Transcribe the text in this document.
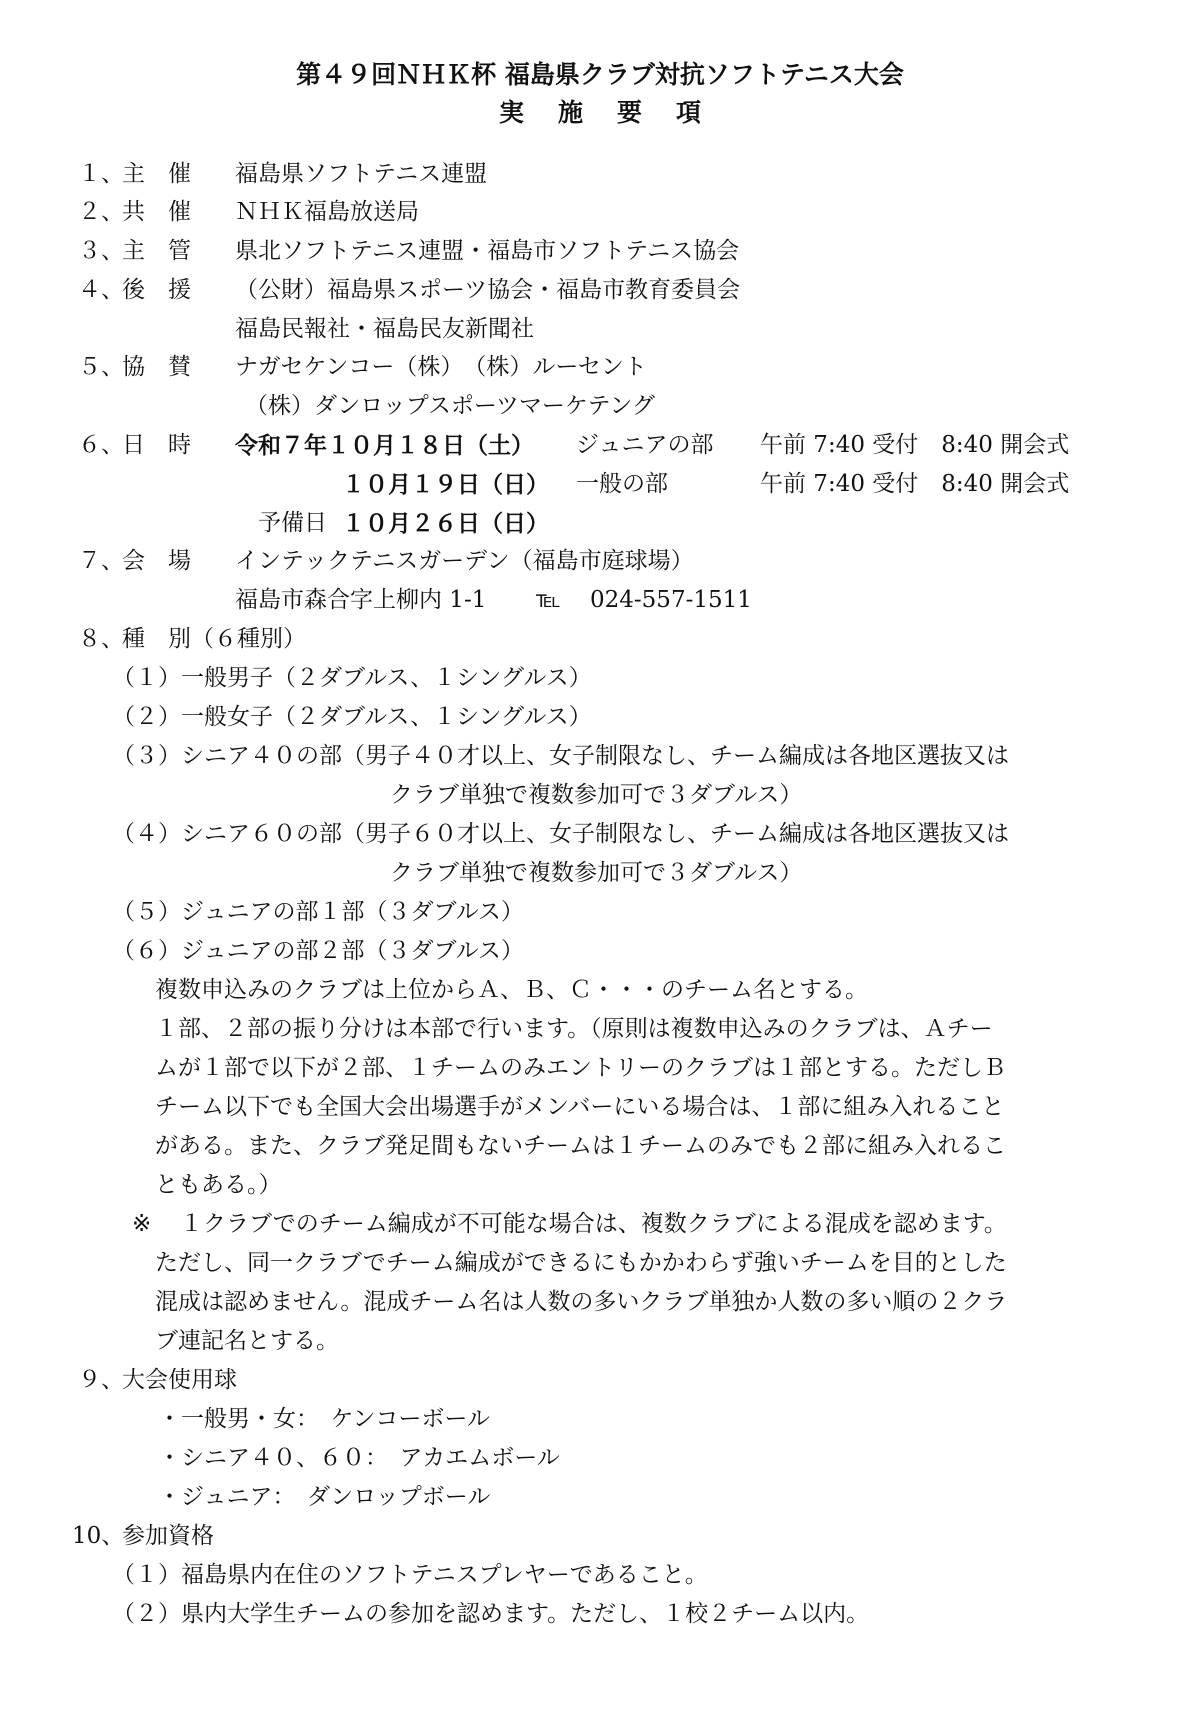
第４９回ＮＨＫ杯 福島県クラブ対抗ソフトテニス大会
実施要項
１、
主　催 福島県ソフトテニス連盟
２、
共　催 ＮＨＫ福島放送局
３、
主　管 県北ソフトテニス連盟・福島市ソフトテニス協会
４、
後　援 （公財）福島県スポーツ協会・福島市教育委員会
福島民報社・福島民友新聞社
５、
協　賛 ナガセケンコー（株）　（株）ルーセント
（株）ダンロップスポーツマーケテング
６、
日　時 令和７年１０月１８日（土） ジュニアの部 午前 7:40 受付　8:40 開会式
１０月１９日（日） 一般の部	午前 7:40 受付　8:40 開会式
予備日 １０月２６日（日）
７、
会　場 インテックテニスガーデン（福島市庭球場）
福島市森合字上柳内 1-1 ℡ 024-557-1511
８、
種　別（６種別）
（１）一般男子（２ダブルス、１シングルス）
（２）一般女子（２ダブルス、１シングルス）
（３）シニア４０の部（男子４０才以上、女子制限なし、チーム編成は各地区選抜又は
クラブ単独で複数参加可で３ダブルス）
（４）シニア６０の部（男子６０才以上、女子制限なし、チーム編成は各地区選抜又は
クラブ単独で複数参加可で３ダブルス）
（５）ジュニアの部１部（３ダブルス）
（６）ジュニアの部２部（３ダブルス）
複数申込みのクラブは上位からＡ、Ｂ、Ｃ・・・のチーム名とする。
１部、２部の振り分けは本部で行います。（原則は複数申込みのクラブは、Ａチー
ムが１部で以下が２部、１チームのみエントリーのクラブは１部とする。ただしＢ
チーム以下でも全国大会出場選手がメンバーにいる場合は、１部に組み入れること
がある。また、クラブ発足間もないチームは１チームのみでも２部に組み入れるこ
ともある。）
※ １クラブでのチーム編成が不可能な場合は、複数クラブによる混成を認めます。
ただし、同一クラブでチーム編成ができるにもかかわらず強いチームを目的とした
混成は認めません。混成チーム名は人数の多いクラブ単独か人数の多い順の２クラ
ブ連記名とする。
９、
大会使用球
・一般男・女：　ケンコーボール
・シニア４０、６０：　アカエムボール
・ジュニア：　ダンロップボール
10、
参加資格
（１）福島県内在住のソフトテニスプレヤーであること。
（２）県内大学生チームの参加を認めます。ただし、１校２チーム以内。
